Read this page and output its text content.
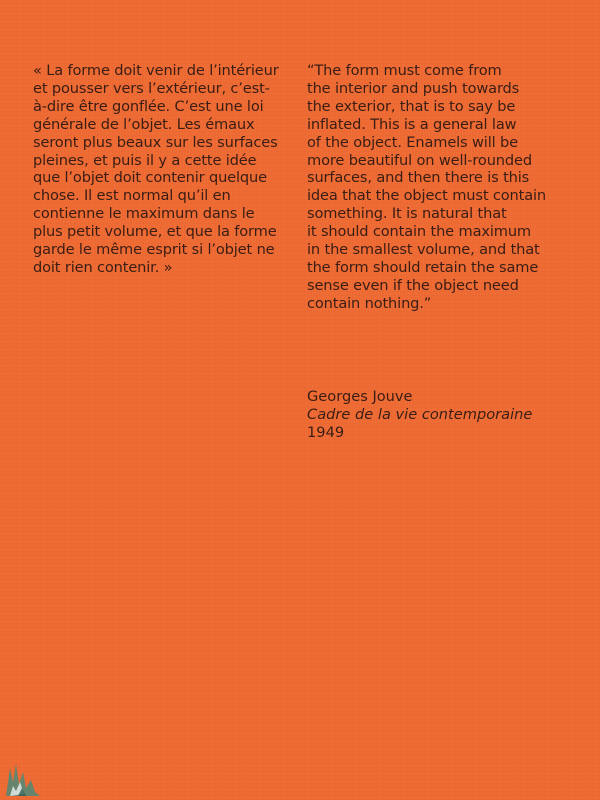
« La forme doit venir de l’intérieur
et pousser vers l’extérieur, c’est-
à-dire être gonflée. C’est une loi
générale de l’objet. Les émaux
seront plus beaux sur les surfaces
pleines, et puis il y a cette idée
que l’objet doit contenir quelque
chose. Il est normal qu’il en
contienne le maximum dans le
plus petit volume, et que la forme
garde le même esprit si l’objet ne
doit rien contenir. »
“The form must come from
the interior and push towards
the exterior, that is to say be
inflated. This is a general law
of the object. Enamels will be
more beautiful on well-rounded
surfaces, and then there is this
idea that the object must contain
something. It is natural that
it should contain the maximum
in the smallest volume, and that
the form should retain the same
sense even if the object need
contain nothing.”
Georges Jouve
Cadre de la vie contemporaine
1949
